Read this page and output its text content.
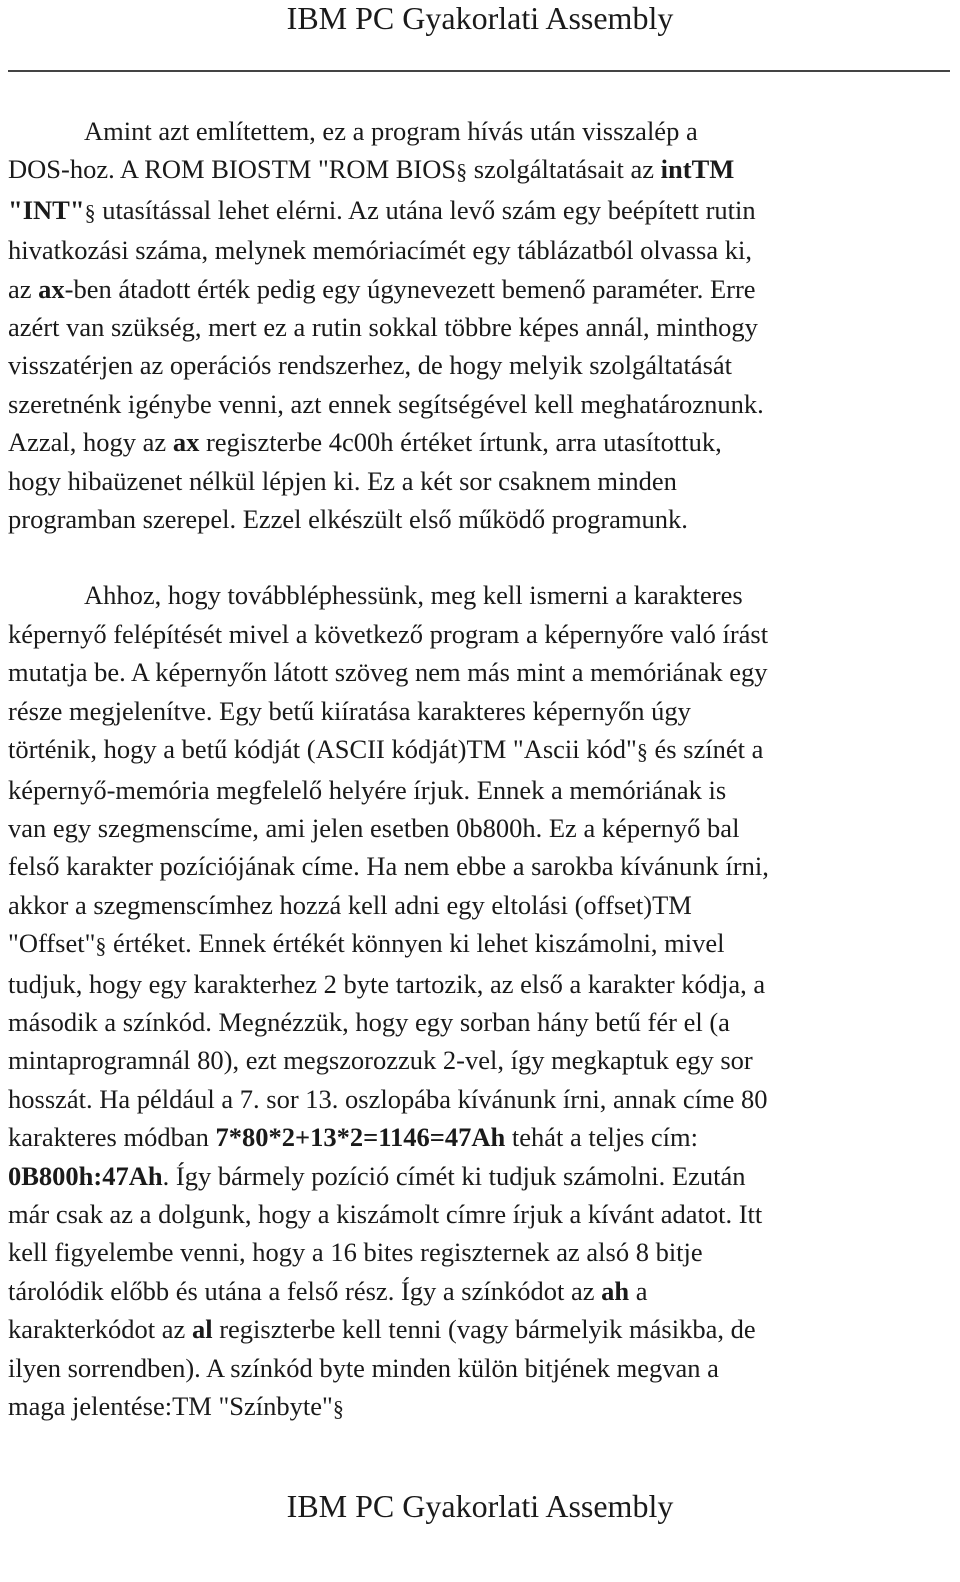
IBM PC Gyakorlati Assembly
Amint azt említettem, ez a program hívás után visszalép a
DOS-hoz. A ROM BIOSTM "ROM BIOS§ szolgáltatásait az intTM
"INT"§ utasítással lehet elérni. Az utána levő szám egy beépített rutin
hivatkozási száma, melynek memóriacímét egy táblázatból olvassa ki,
az ax-ben átadott érték pedig egy úgynevezett bemenő paraméter. Erre
azért van szükség, mert ez a rutin sokkal többre képes annál, minthogy
visszatérjen az operációs rendszerhez, de hogy melyik szolgáltatását
szeretnénk igénybe venni, azt ennek segítségével kell meghatároznunk.
Azzal, hogy az ax regiszterbe 4c00h értéket írtunk, arra utasítottuk,
hogy hibaüzenet nélkül lépjen ki. Ez a két sor csaknem minden
programban szerepel. Ezzel elkészült első működő programunk.
Ahhoz, hogy továbbléphessünk, meg kell ismerni a karakteres
képernyő felépítését mivel a következő program a képernyőre való írást
mutatja be. A képernyőn látott szöveg nem más mint a memóriának egy
része megjelenítve. Egy betű kiíratása karakteres képernyőn úgy
történik, hogy a betű kódját (ASCII kódját)TM "Ascii kód"§ és színét a
képernyő-memória megfelelő helyére írjuk. Ennek a memóriának is
van egy szegmenscíme, ami jelen esetben 0b800h. Ez a képernyő bal
felső karakter pozíciójának címe. Ha nem ebbe a sarokba kívánunk írni,
akkor a szegmenscímhez hozzá kell adni egy eltolási (offset)TM
"Offset"§ értéket. Ennek értékét könnyen ki lehet kiszámolni, mivel
tudjuk, hogy egy karakterhez 2 byte tartozik, az első a karakter kódja, a
második a színkód. Megnézzük, hogy egy sorban hány betű fér el (a
mintaprogramnál 80), ezt megszorozzuk 2-vel, így megkaptuk egy sor
hosszát. Ha például a 7. sor 13. oszlopába kívánunk írni, annak címe 80
karakteres módban 7*80*2+13*2=1146=47Ah tehát a teljes cím:
0B800h:47Ah. Így bármely pozíció címét ki tudjuk számolni. Ezután
már csak az a dolgunk, hogy a kiszámolt címre írjuk a kívánt adatot. Itt
kell figyelembe venni, hogy a 16 bites regiszternek az alsó 8 bitje
tárolódik előbb és utána a felső rész. Így a színkódot az ah a
karakterkódot az al regiszterbe kell tenni (vagy bármelyik másikba, de
ilyen sorrendben). A színkód byte minden külön bitjének megvan a
maga jelentése:TM "Színbyte"§
IBM PC Gyakorlati Assembly
